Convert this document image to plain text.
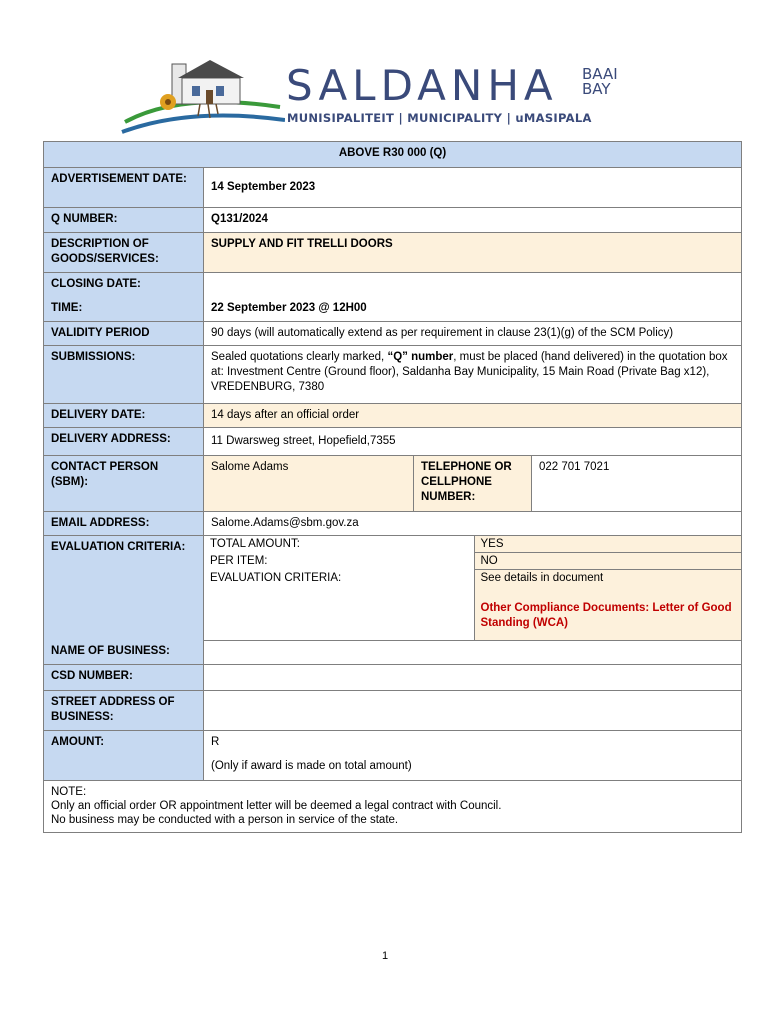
SALDANHA BAAI
BAY
MUNISIPALITEIT | MUNICIPALITY | uMASIPALA
ABOVE R30 000 (Q)
ADVERTISEMENT DATE:	14 September 2023
Q NUMBER:	Q131/2024
DESCRIPTION OF GOODS/SERVICES:	SUPPLY AND FIT TRELLI DOORS
CLOSING DATE:	
TIME:	22 September 2023 @ 12H00
VALIDITY PERIOD	90 days (will automatically extend as per requirement in clause 23(1)(g) of the SCM Policy)
SUBMISSIONS:	Sealed quotations clearly marked, “Q” number, must be placed (hand delivered) in the quotation box at: Investment Centre (Ground floor), Saldanha Bay Municipality, 15 Main Road (Private Bag x12), VREDENBURG, 7380
DELIVERY DATE:	14 days after an official order
DELIVERY ADDRESS:	11 Dwarsweg street, Hopefield,7355
CONTACT PERSON (SBM):	Salome Adams	TELEPHONE OR CELLPHONE NUMBER:	022 701 7021
EMAIL ADDRESS:	Salome.Adams@sbm.gov.za
EVALUATION CRITERIA:	TOTAL AMOUNT:	YES
PER ITEM:	NO
EVALUATION CRITERIA:	See details in document
Other Compliance Documents: Letter of Good Standing (WCA)

NAME OF BUSINESS:	
CSD NUMBER:	
STREET ADDRESS OF BUSINESS:	
AMOUNT:	R
(Only if award is made on total amount)

NOTE:
Only an official order OR appointment letter will be deemed a legal contract with Council.
No business may be conducted with a person in service of the state.
1
